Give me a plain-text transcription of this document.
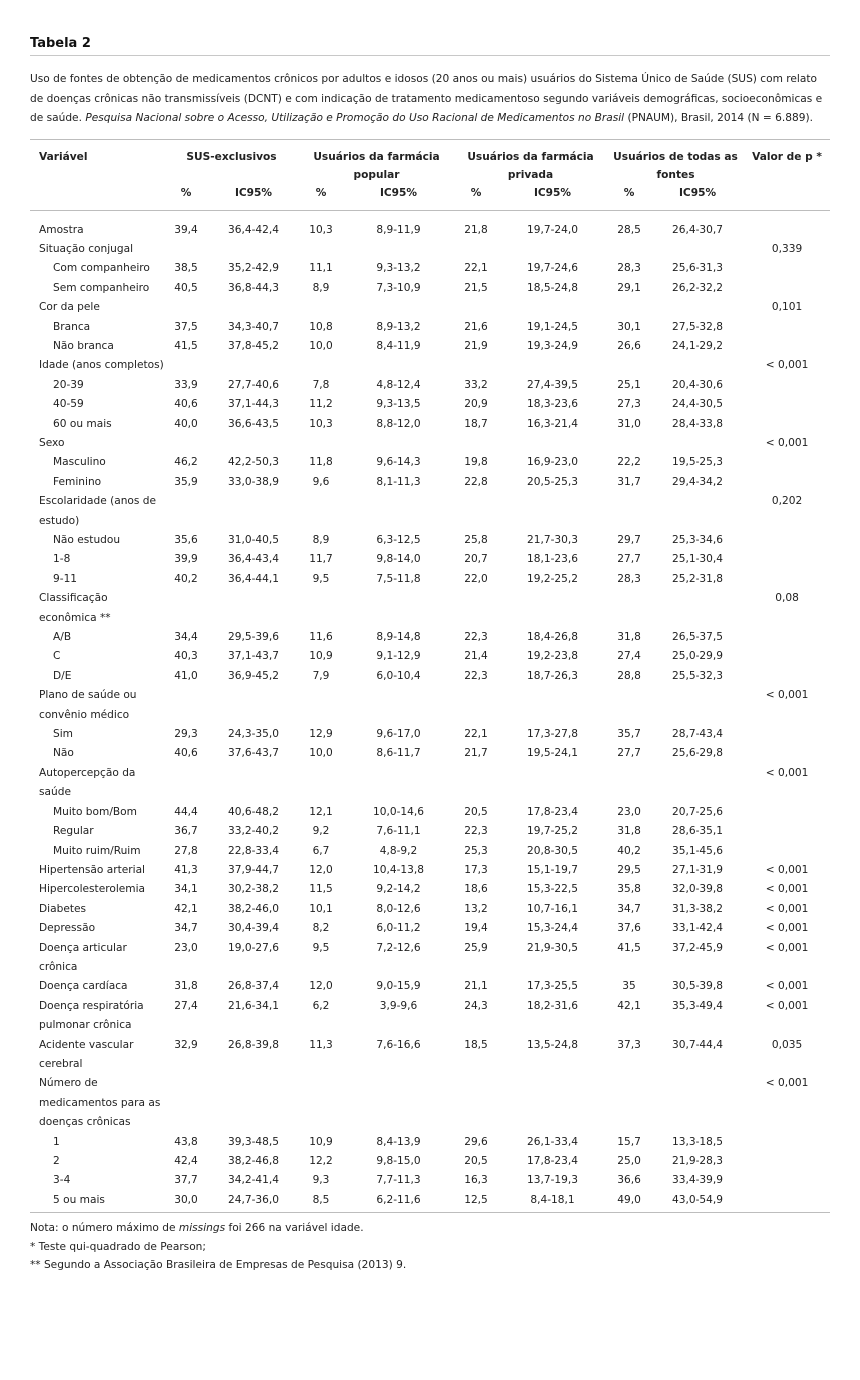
Tabela 2

Uso de fontes de obtenção de medicamentos crônicos por adultos e idosos (20 anos ou mais) usuários do Sistema Único de Saúde (SUS) com relato de doenças crônicas não transmissíveis (DCNT) e com indicação de tratamento medicamentoso segundo variáveis demográficas, socioeconômicas e de saúde. Pesquisa Nacional sobre o Acesso, Utilização e Promoção do Uso Racional de Medicamentos no Brasil (PNAUM), Brasil, 2014 (N = 6.889).

Variável	SUS-exclusivos		Usuários da farmácia popular		Usuários da farmácia privada		Usuários de todas as fontes		Valor de p *
	%	IC95%	%	IC95%	%	IC95%	%	IC95%	
Amostra	39,4	36,4-42,4	10,3	8,9-11,9	21,8	19,7-24,0	28,5	26,4-30,7	
Situação conjugal									0,339
Com companheiro	38,5	35,2-42,9	11,1	9,3-13,2	22,1	19,7-24,6	28,3	25,6-31,3	
Sem companheiro	40,5	36,8-44,3	8,9	7,3-10,9	21,5	18,5-24,8	29,1	26,2-32,2	
Cor da pele									0,101
Branca	37,5	34,3-40,7	10,8	8,9-13,2	21,6	19,1-24,5	30,1	27,5-32,8	
Não branca	41,5	37,8-45,2	10,0	8,4-11,9	21,9	19,3-24,9	26,6	24,1-29,2	
Idade (anos completos)									< 0,001
20-39	33,9	27,7-40,6	7,8	4,8-12,4	33,2	27,4-39,5	25,1	20,4-30,6	
40-59	40,6	37,1-44,3	11,2	9,3-13,5	20,9	18,3-23,6	27,3	24,4-30,5	
60 ou mais	40,0	36,6-43,5	10,3	8,8-12,0	18,7	16,3-21,4	31,0	28,4-33,8	
Sexo									< 0,001
Masculino	46,2	42,2-50,3	11,8	9,6-14,3	19,8	16,9-23,0	22,2	19,5-25,3	
Feminino	35,9	33,0-38,9	9,6	8,1-11,3	22,8	20,5-25,3	31,7	29,4-34,2	
Escolaridade (anos de estudo)									0,202
Não estudou	35,6	31,0-40,5	8,9	6,3-12,5	25,8	21,7-30,3	29,7	25,3-34,6	
1-8	39,9	36,4-43,4	11,7	9,8-14,0	20,7	18,1-23,6	27,7	25,1-30,4	
9-11	40,2	36,4-44,1	9,5	7,5-11,8	22,0	19,2-25,2	28,3	25,2-31,8	
Classificação econômica **									0,08
A/B	34,4	29,5-39,6	11,6	8,9-14,8	22,3	18,4-26,8	31,8	26,5-37,5	
C	40,3	37,1-43,7	10,9	9,1-12,9	21,4	19,2-23,8	27,4	25,0-29,9	
D/E	41,0	36,9-45,2	7,9	6,0-10,4	22,3	18,7-26,3	28,8	25,5-32,3	
Plano de saúde ou convênio médico									< 0,001
Sim	29,3	24,3-35,0	12,9	9,6-17,0	22,1	17,3-27,8	35,7	28,7-43,4	
Não	40,6	37,6-43,7	10,0	8,6-11,7	21,7	19,5-24,1	27,7	25,6-29,8	
Autopercepção da saúde									< 0,001
Muito bom/Bom	44,4	40,6-48,2	12,1	10,0-14,6	20,5	17,8-23,4	23,0	20,7-25,6	
Regular	36,7	33,2-40,2	9,2	7,6-11,1	22,3	19,7-25,2	31,8	28,6-35,1	
Muito ruim/Ruim	27,8	22,8-33,4	6,7	4,8-9,2	25,3	20,8-30,5	40,2	35,1-45,6	
Hipertensão arterial	41,3	37,9-44,7	12,0	10,4-13,8	17,3	15,1-19,7	29,5	27,1-31,9	< 0,001
Hipercolesterolemia	34,1	30,2-38,2	11,5	9,2-14,2	18,6	15,3-22,5	35,8	32,0-39,8	< 0,001
Diabetes	42,1	38,2-46,0	10,1	8,0-12,6	13,2	10,7-16,1	34,7	31,3-38,2	< 0,001
Depressão	34,7	30,4-39,4	8,2	6,0-11,2	19,4	15,3-24,4	37,6	33,1-42,4	< 0,001
Doença articular crônica	23,0	19,0-27,6	9,5	7,2-12,6	25,9	21,9-30,5	41,5	37,2-45,9	< 0,001
Doença cardíaca	31,8	26,8-37,4	12,0	9,0-15,9	21,1	17,3-25,5	35	30,5-39,8	< 0,001
Doença respiratória pulmonar crônica	27,4	21,6-34,1	6,2	3,9-9,6	24,3	18,2-31,6	42,1	35,3-49,4	< 0,001
Acidente vascular cerebral	32,9	26,8-39,8	11,3	7,6-16,6	18,5	13,5-24,8	37,3	30,7-44,4	0,035
Número de medicamentos para as doenças crônicas									< 0,001
1	43,8	39,3-48,5	10,9	8,4-13,9	29,6	26,1-33,4	15,7	13,3-18,5	
2	42,4	38,2-46,8	12,2	9,8-15,0	20,5	17,8-23,4	25,0	21,9-28,3	
3-4	37,7	34,2-41,4	9,3	7,7-11,3	16,3	13,7-19,3	36,6	33,4-39,9	
5 ou mais	30,0	24,7-36,0	8,5	6,2-11,6	12,5	8,4-18,1	49,0	43,0-54,9	

Nota: o número máximo de missings foi 266 na variável idade.

* Teste qui-quadrado de Pearson;

** Segundo a Associação Brasileira de Empresas de Pesquisa (2013) 9.
